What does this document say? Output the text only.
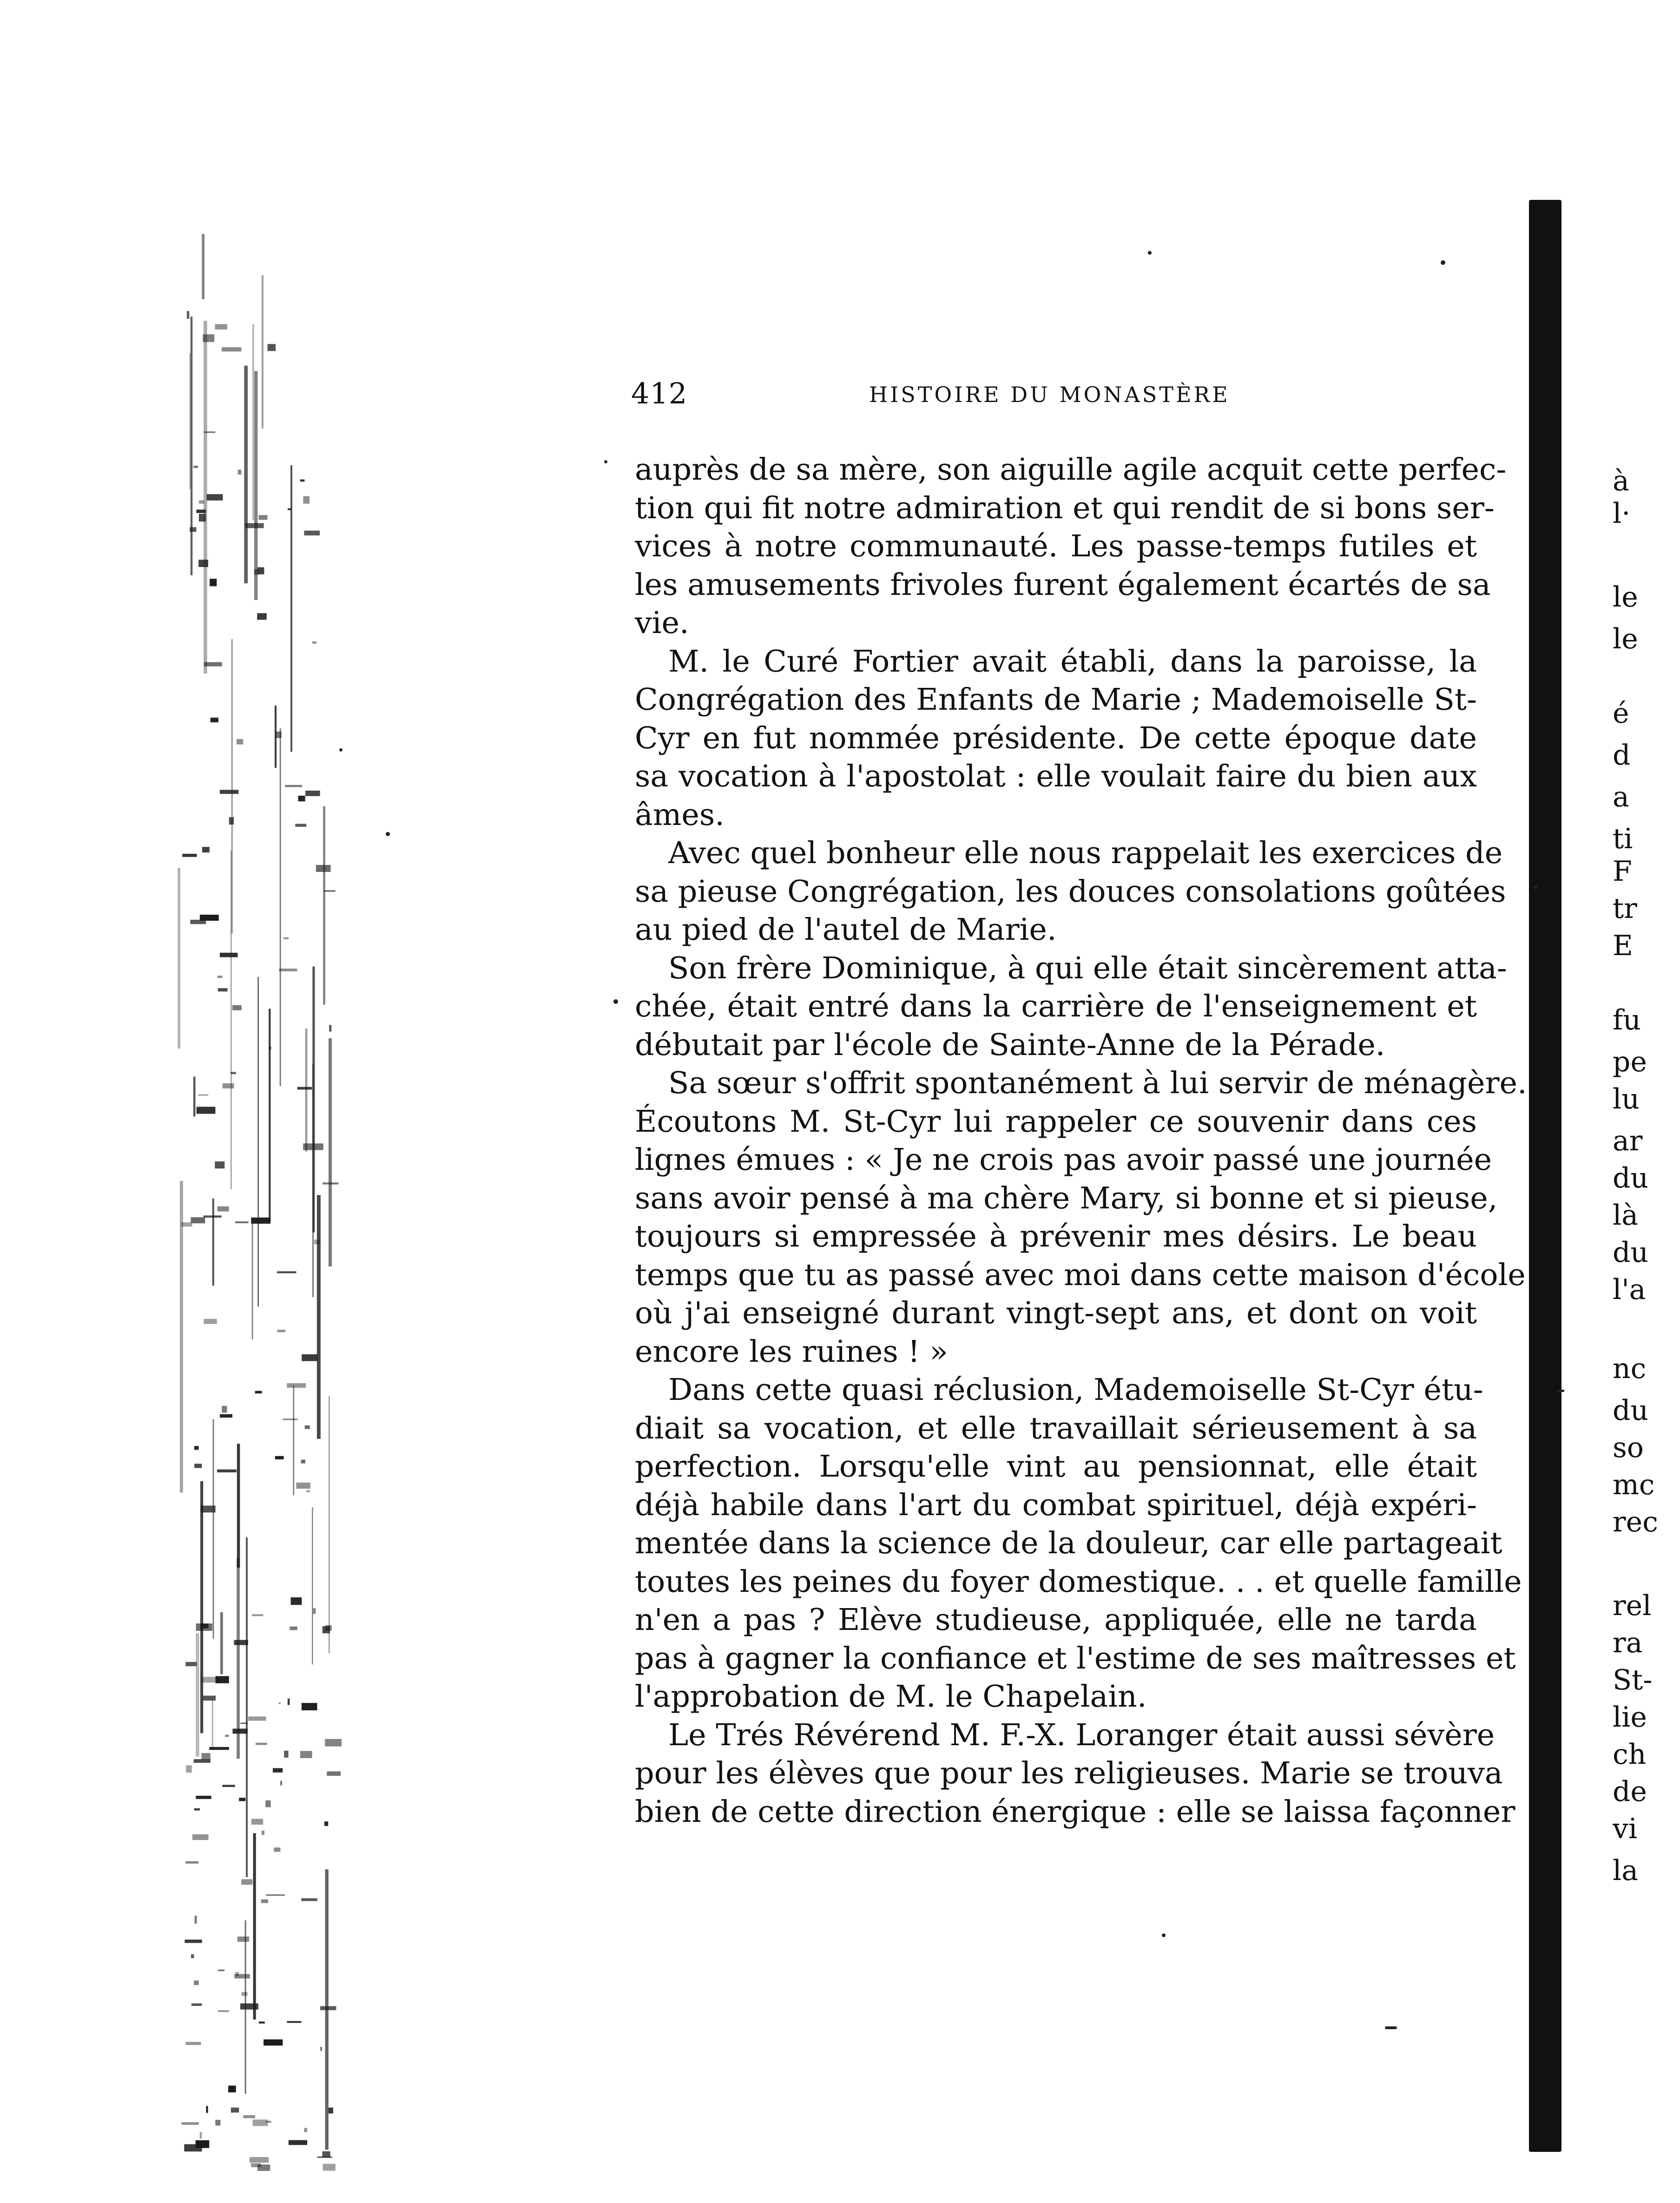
412	HISTOIRE DU MONASTÈRE
auprès de sa mère, son aiguille agile acquit cette perfec-
tion qui fit notre admiration et qui rendit de si bons ser-
vices à notre communauté. Les passe-temps futiles et
les amusements frivoles furent également écartés de sa
vie.
M. le Curé Fortier avait établi, dans la paroisse, la
Congrégation des Enfants de Marie ; Mademoiselle St-
Cyr en fut nommée présidente. De cette époque date
sa vocation à l'apostolat : elle voulait faire du bien aux
âmes.
Avec quel bonheur elle nous rappelait les exercices de
sa pieuse Congrégation, les douces consolations goûtées
au pied de l'autel de Marie.
Son frère Dominique, à qui elle était sincèrement atta-
chée, était entré dans la carrière de l'enseignement et
débutait par l'école de Sainte-Anne de la Pérade.
Sa sœur s'offrit spontanément à lui servir de ménagère.
Écoutons M. St-Cyr lui rappeler ce souvenir dans ces
lignes émues : « Je ne crois pas avoir passé une journée
sans avoir pensé à ma chère Mary, si bonne et si pieuse,
toujours si empressée à prévenir mes désirs. Le beau
temps que tu as passé avec moi dans cette maison d'école
où j'ai enseigné durant vingt-sept ans, et dont on voit
encore les ruines ! »
Dans cette quasi réclusion, Mademoiselle St-Cyr étu-
diait sa vocation, et elle travaillait sérieusement à sa
perfection. Lorsqu'elle vint au pensionnat, elle était
déjà habile dans l'art du combat spirituel, déjà expéri-
mentée dans la science de la douleur, car elle partageait
toutes les peines du foyer domestique. . . et quelle famille
n'en a pas ? Elève studieuse, appliquée, elle ne tarda
pas à gagner la confiance et l'estime de ses maîtresses et
l'approbation de M. le Chapelain.
Le Trés Révérend M. F.-X. Loranger était aussi sévère
pour les élèves que pour les religieuses. Marie se trouva
bien de cette direction énergique : elle se laissa façonner
à
l·
le
le
é
d
a
ti
F
tr
E
fu
pe
lu
ar
du
là
du
l'a
nc
du
so
mc
rec
rel
ra
St-
lie
ch
de
vi
la
